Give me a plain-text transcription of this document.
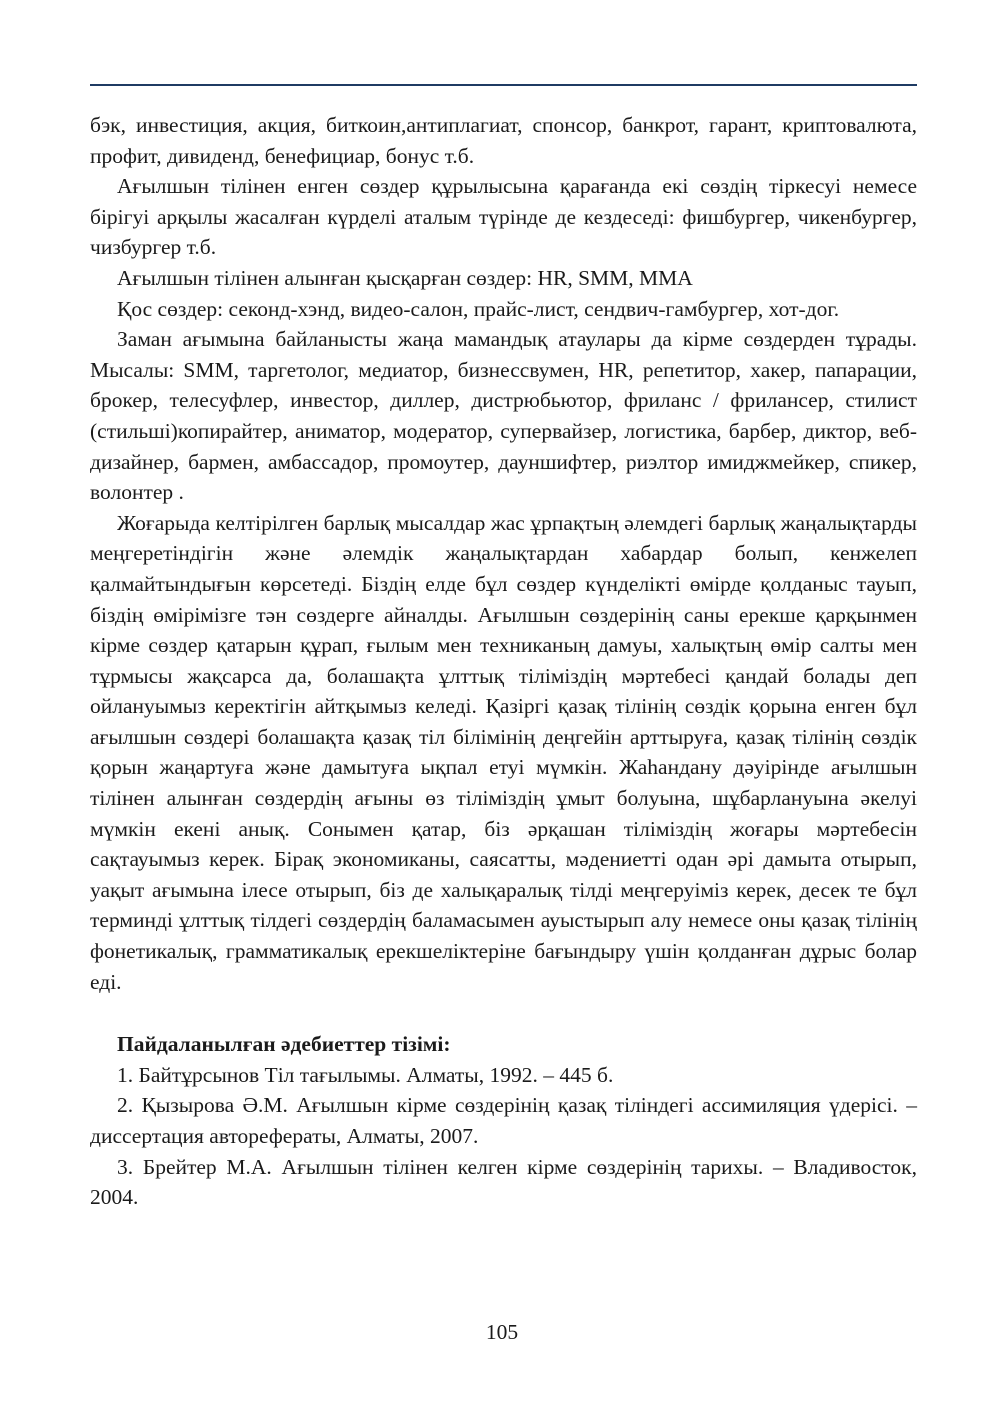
бэк, инвестиция, акция, биткоин,антиплагиат, спонсор, банкрот, гарант, криптовалюта, профит, дивиденд, бенефициар, бонус т.б.

Ағылшын тілінен енген сөздер құрылысына қарағанда екі сөздің тіркесуі немесе бірігуі арқылы жасалған күрделі аталым түрінде де кездеседі: фишбургер, чикенбургер, чизбургер т.б.

Ағылшын тілінен алынған қысқарған сөздер: HR, SMM, MMA

Қос сөздер: секонд-хэнд, видео-салон, прайс-лист, сендвич-гамбургер, хот-дог.

Заман ағымына байланысты жаңа мамандық атаулары да кірме сөздерден тұрады. Мысалы: SMM, таргетолог, медиатор, бизнессвумен, HR, репетитор, хакер, папарации, брокер, телесуфлер, инвестор, диллер, дистрюбьютор, фриланс / фрилансер, стилист (стильші)копирайтер, аниматор, модератор, супервайзер, логистика, барбер, диктор, веб-дизайнер, бармен, амбассадор, промоутер, дауншифтер, риэлтор имиджмейкер, спикер, волонтер .

Жоғарыда келтірілген барлық мысалдар жас ұрпақтың әлемдегі барлық жаңалықтарды меңгеретіндігін және әлемдік жаңалықтардан хабардар болып, кенжелеп қалмайтындығын көрсетеді. Біздің елде бұл сөздер күнделікті өмірде қолданыс тауып, біздің өмірімізге тән сөздерге айналды. Ағылшын сөздерінің саны ерекше қарқынмен кірме сөздер қатарын құрап, ғылым мен техниканың дамуы, халықтың өмір салты мен тұрмысы жақсарса да, болашақта ұлттық тіліміздің мәртебесі қандай болады деп ойлануымыз керектігін айтқымыз келеді. Қазіргі қазақ тілінің сөздік қорына енген бұл ағылшын сөздері болашақта қазақ тіл білімінің деңгейін арттыруға, қазақ тілінің сөздік қорын жаңартуға және дамытуға ықпал етуі мүмкін. Жаһандану дәуірінде ағылшын тілінен алынған сөздердің ағыны өз тіліміздің ұмыт болуына, шұбарлануына әкелуі мүмкін екені анық. Сонымен қатар, біз әрқашан тіліміздің жоғары мәртебесін сақтауымыз керек. Бірақ экономиканы, саясатты, мәдениетті одан әрі дамыта отырып, уақыт ағымына ілесе отырып, біз де халықаралық тілді меңгеруіміз керек, десек те бұл терминді ұлттық тілдегі сөздердің баламасымен ауыстырып алу немесе оны қазақ тілінің фонетикалық, грамматикалық ерекшеліктеріне бағындыру үшін қолданған дұрыс болар еді.

Пайдаланылған әдебиеттер тізімі:

1. Байтұрсынов Тіл тағылымы. Алматы, 1992. – 445 б.

2. Қызырова Ә.М. Ағылшын кірме сөздерінің қазақ тіліндегі ассимиляция үдерісі. – диссертация авторефераты, Алматы, 2007.

3. Брейтер М.А. Ағылшын тілінен келген кірме сөздерінің тарихы. – Владивосток, 2004.

105
